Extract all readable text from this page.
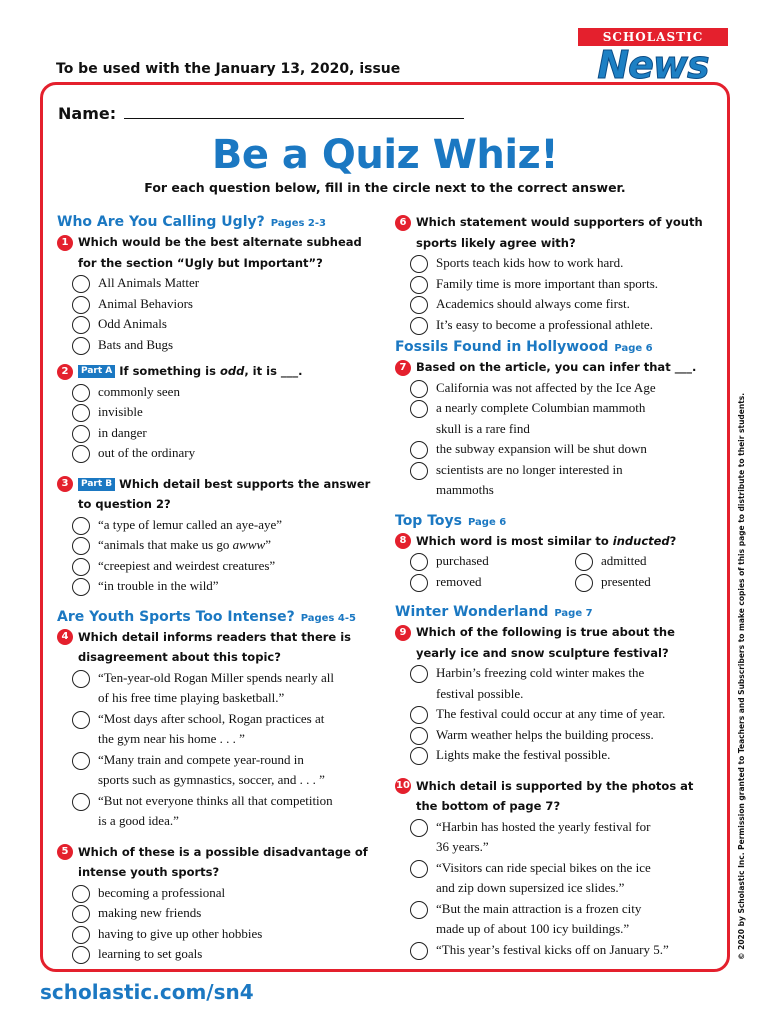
To be used with the January 13, 2020, issue
SCHOLASTIC
News
Name:
Be a Quiz Whiz!
For each question below, fill in the circle next to the correct answer.
Who Are You Calling Ugly? Pages 2-3
1 Which would be the best alternate subhead
for the section “Ugly but Important”?
All Animals Matter
Animal Behaviors
Odd Animals
Bats and Bugs
2 Part A If something is odd, it is ___.
commonly seen
invisible
in danger
out of the ordinary
3 Part B Which detail best supports the answer
to question 2?
“a type of lemur called an aye-aye”
“animals that make us go awww”
“creepiest and weirdest creatures”
“in trouble in the wild”
Are Youth Sports Too Intense? Pages 4-5
4 Which detail informs readers that there is
disagreement about this topic?
“Ten-year-old Rogan Miller spends nearly all
of his free time playing basketball.”
“Most days after school, Rogan practices at
the gym near his home . . . ”
“Many train and compete year-round in
sports such as gymnastics, soccer, and . . . ”
“But not everyone thinks all that competition
is a good idea.”
5 Which of these is a possible disadvantage of
intense youth sports?
becoming a professional
making new friends
having to give up other hobbies
learning to set goals
6 Which statement would supporters of youth
sports likely agree with?
Sports teach kids how to work hard.
Family time is more important than sports.
Academics should always come first.
It’s easy to become a professional athlete.
Fossils Found in Hollywood Page 6
7 Based on the article, you can infer that ___.
California was not affected by the Ice Age
a nearly complete Columbian mammoth
skull is a rare find
the subway expansion will be shut down
scientists are no longer interested in
mammoths
Top Toys Page 6
8 Which word is most similar to inducted?
purchased	admitted
removed	presented
Winter Wonderland Page 7
9 Which of the following is true about the
yearly ice and snow sculpture festival?
Harbin’s freezing cold winter makes the
festival possible.
The festival could occur at any time of year.
Warm weather helps the building process.
Lights make the festival possible.
10 Which detail is supported by the photos at
the bottom of page 7?
“Harbin has hosted the yearly festival for
36 years.”
“Visitors can ride special bikes on the ice
and zip down supersized ice slides.”
“But the main attraction is a frozen city
made up of about 100 icy buildings.”
“This year’s festival kicks off on January 5.”	© 2020 by Scholastic Inc. Permission granted to Teachers and Subscribers to make copies of this page to distribute to their students.
scholastic.com/sn4
